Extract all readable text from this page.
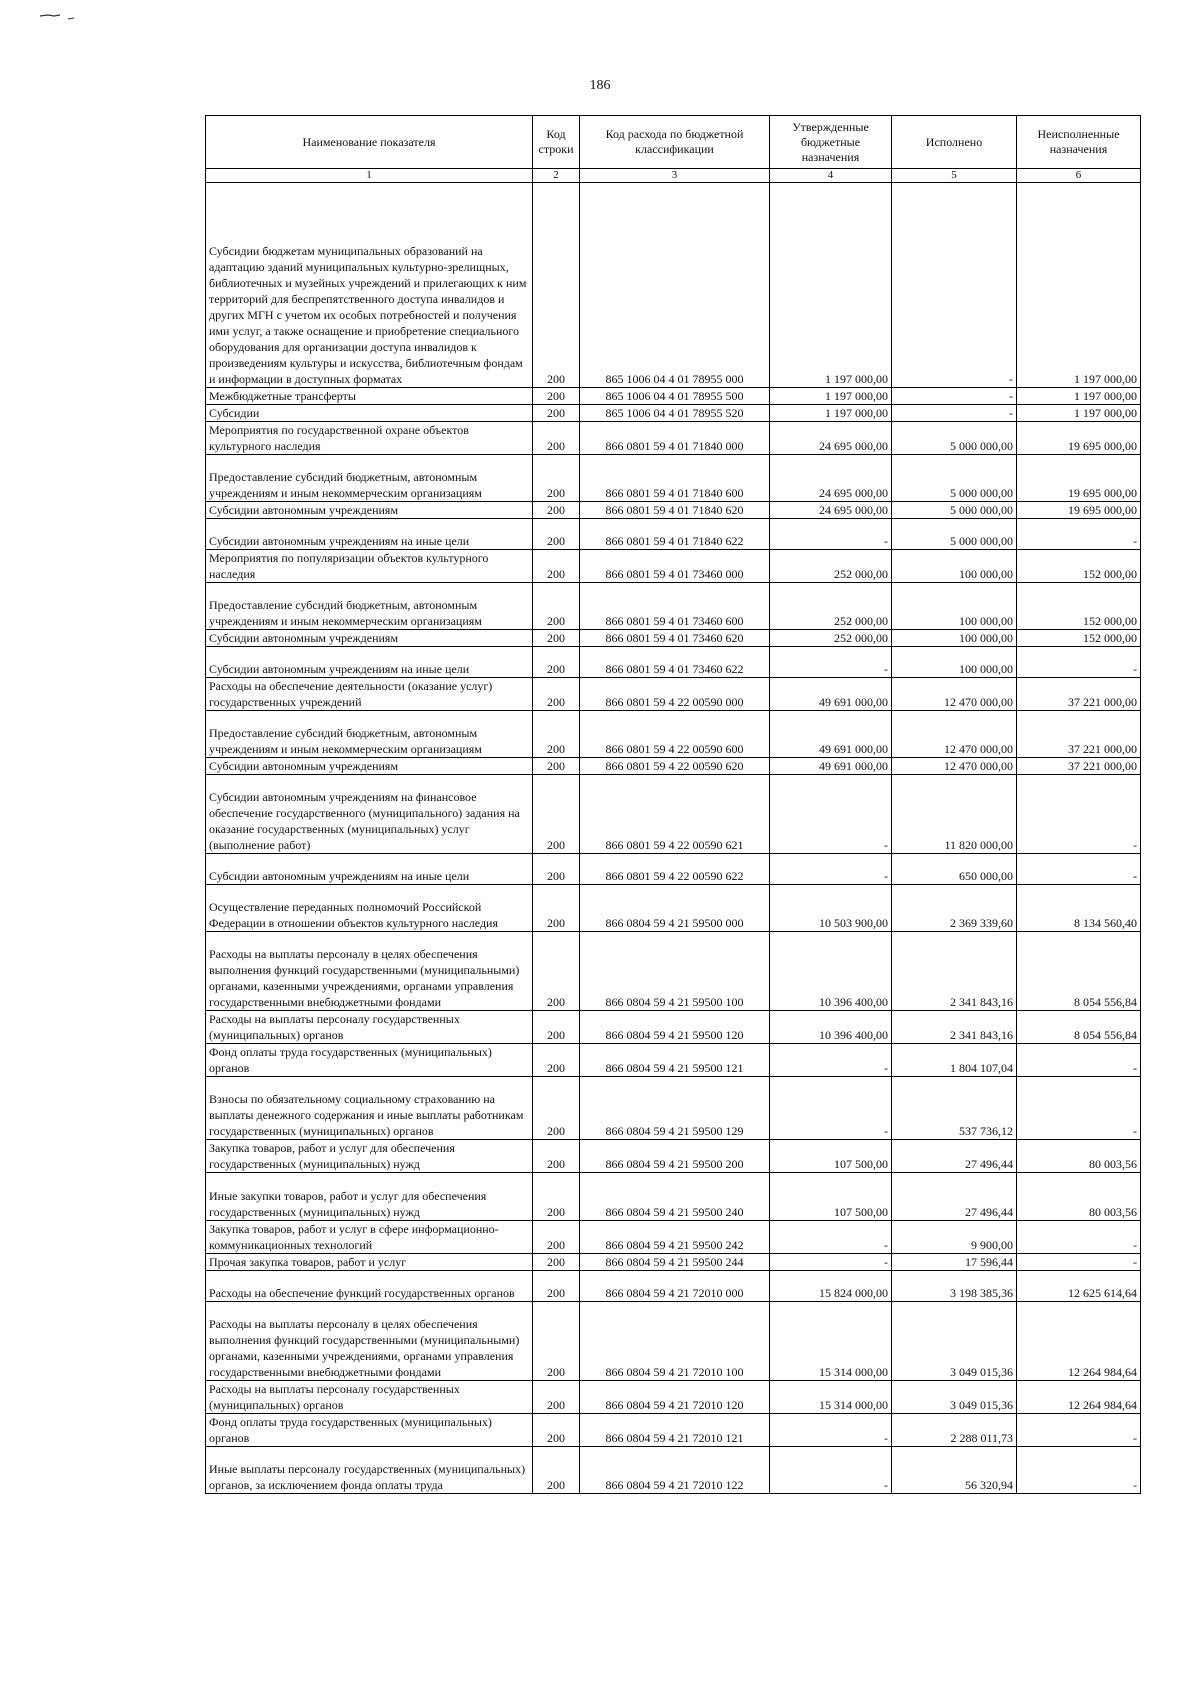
186
Наименование показателя	Код строки	Код расхода по бюджетной классификации	Утвержденные бюджетные назначения	Исполнено	Неисполненные назначения
1	2	3	4	5	6
Субсидии бюджетам муниципальных образований на адаптацию зданий муниципальных культурно-зрелищных, библиотечных и музейных учреждений и прилегающих к ним территорий для беспрепятственного доступа инвалидов и других МГН с учетом их особых потребностей и получения ими услуг, а также оснащение и приобретение специального оборудования для организации доступа инвалидов к произведениям культуры и искусства, библиотечным фондам и информации в доступных форматах	200	865 1006 04 4 01 78955 000	1 197 000,00	-	1 197 000,00
Межбюджетные трансферты	200	865 1006 04 4 01 78955 500	1 197 000,00	-	1 197 000,00
Субсидии	200	865 1006 04 4 01 78955 520	1 197 000,00	-	1 197 000,00
Мероприятия по государственной охране объектов культурного наследия	200	866 0801 59 4 01 71840 000	24 695 000,00	5 000 000,00	19 695 000,00
Предоставление субсидий бюджетным, автономным учреждениям и иным некоммерческим организациям	200	866 0801 59 4 01 71840 600	24 695 000,00	5 000 000,00	19 695 000,00
Субсидии автономным учреждениям	200	866 0801 59 4 01 71840 620	24 695 000,00	5 000 000,00	19 695 000,00
Субсидии автономным учреждениям на иные цели	200	866 0801 59 4 01 71840 622	-	5 000 000,00	-
Мероприятия по популяризации объектов культурного наследия	200	866 0801 59 4 01 73460 000	252 000,00	100 000,00	152 000,00
Предоставление субсидий бюджетным, автономным учреждениям и иным некоммерческим организациям	200	866 0801 59 4 01 73460 600	252 000,00	100 000,00	152 000,00
Субсидии автономным учреждениям	200	866 0801 59 4 01 73460 620	252 000,00	100 000,00	152 000,00
Субсидии автономным учреждениям на иные цели	200	866 0801 59 4 01 73460 622	-	100 000,00	-
Расходы на обеспечение деятельности (оказание услуг) государственных учреждений	200	866 0801 59 4 22 00590 000	49 691 000,00	12 470 000,00	37 221 000,00
Предоставление субсидий бюджетным, автономным учреждениям и иным некоммерческим организациям	200	866 0801 59 4 22 00590 600	49 691 000,00	12 470 000,00	37 221 000,00
Субсидии автономным учреждениям	200	866 0801 59 4 22 00590 620	49 691 000,00	12 470 000,00	37 221 000,00
Субсидии автономным учреждениям на финансовое обеспечение государственного (муниципального) задания на оказание государственных (муниципальных) услуг (выполнение работ)	200	866 0801 59 4 22 00590 621	-	11 820 000,00	-
Субсидии автономным учреждениям на иные цели	200	866 0801 59 4 22 00590 622	-	650 000,00	-
Осуществление переданных полномочий Российской Федерации в отношении объектов культурного наследия	200	866 0804 59 4 21 59500 000	10 503 900,00	2 369 339,60	8 134 560,40
Расходы на выплаты персоналу в целях обеспечения выполнения функций государственными (муниципальными) органами, казенными учреждениями, органами управления государственными внебюджетными фондами	200	866 0804 59 4 21 59500 100	10 396 400,00	2 341 843,16	8 054 556,84
Расходы на выплаты персоналу государственных (муниципальных) органов	200	866 0804 59 4 21 59500 120	10 396 400,00	2 341 843,16	8 054 556,84
Фонд оплаты труда государственных (муниципальных) органов	200	866 0804 59 4 21 59500 121	-	1 804 107,04	-
Взносы по обязательному социальному страхованию на выплаты денежного содержания и иные выплаты работникам государственных (муниципальных) органов	200	866 0804 59 4 21 59500 129	-	537 736,12	-
Закупка товаров, работ и услуг для обеспечения государственных (муниципальных) нужд	200	866 0804 59 4 21 59500 200	107 500,00	27 496,44	80 003,56
Иные закупки товаров, работ и услуг для обеспечения государственных (муниципальных) нужд	200	866 0804 59 4 21 59500 240	107 500,00	27 496,44	80 003,56
Закупка товаров, работ и услуг в сфере информационно-коммуникационных технологий	200	866 0804 59 4 21 59500 242	-	9 900,00	-
Прочая закупка товаров, работ и услуг	200	866 0804 59 4 21 59500 244	-	17 596,44	-
Расходы на обеспечение функций государственных органов	200	866 0804 59 4 21 72010 000	15 824 000,00	3 198 385,36	12 625 614,64
Расходы на выплаты персоналу в целях обеспечения выполнения функций государственными (муниципальными) органами, казенными учреждениями, органами управления государственными внебюджетными фондами	200	866 0804 59 4 21 72010 100	15 314 000,00	3 049 015,36	12 264 984,64
Расходы на выплаты персоналу государственных (муниципальных) органов	200	866 0804 59 4 21 72010 120	15 314 000,00	3 049 015,36	12 264 984,64
Фонд оплаты труда государственных (муниципальных) органов	200	866 0804 59 4 21 72010 121	-	2 288 011,73	-
Иные выплаты персоналу государственных (муниципальных) органов, за исключением фонда оплаты труда	200	866 0804 59 4 21 72010 122	-	56 320,94	-
